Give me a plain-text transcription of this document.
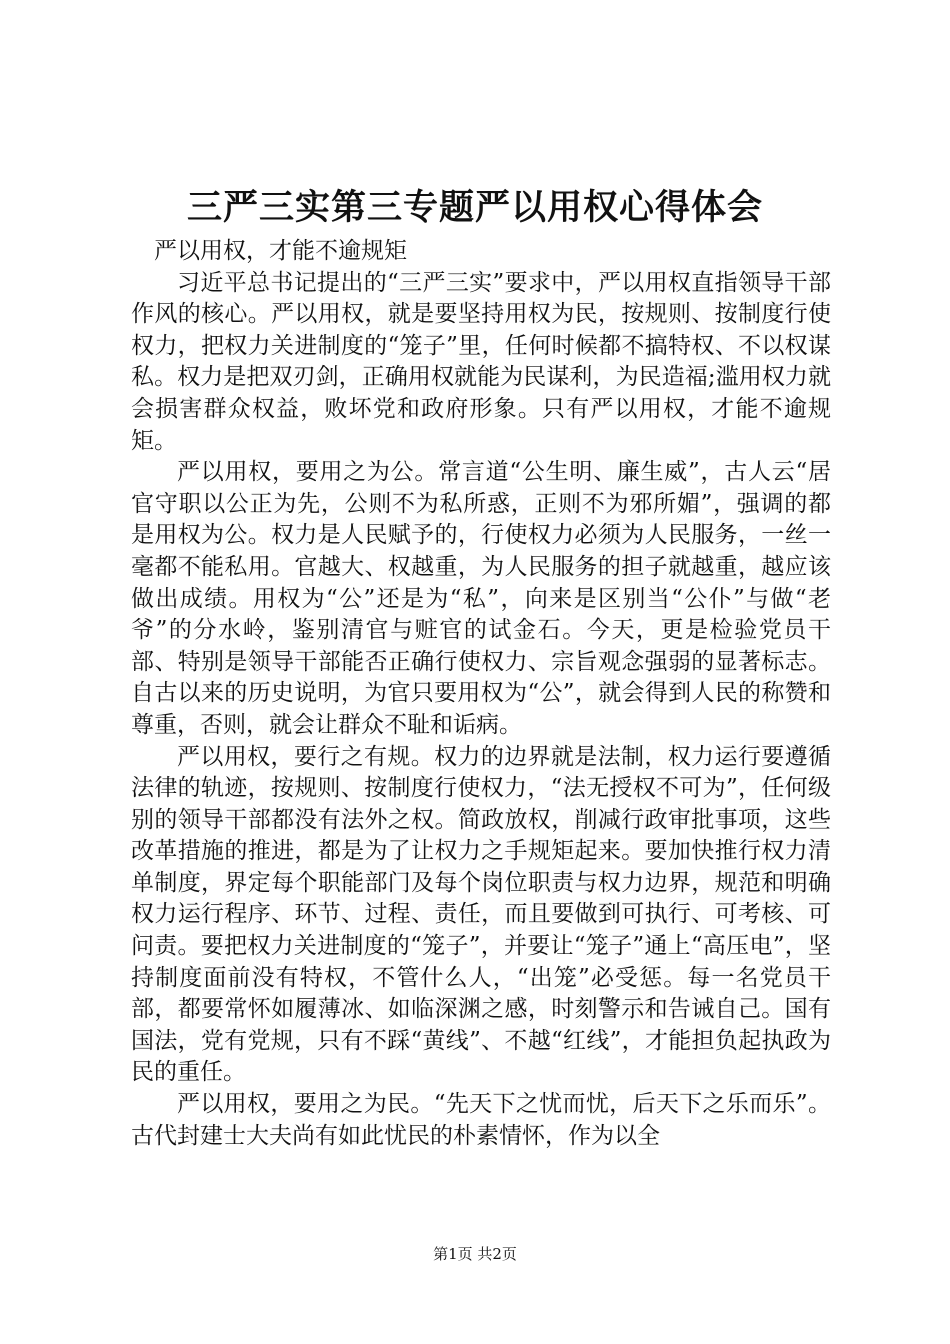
三严三实第三专题严以用权心得体会

严以用权，才能不逾规矩

习近平总书记提出的“三严三实”要求中，严以用权直指领导干部作风的核心。严以用权，就是要坚持用权为民，按规则、按制度行使权力，把权力关进制度的“笼子”里，任何时候都不搞特权、不以权谋私。权力是把双刃剑，正确用权就能为民谋利，为民造福;滥用权力就会损害群众权益，败坏党和政府形象。只有严以用权，才能不逾规矩。

严以用权，要用之为公。常言道“公生明、廉生威”，古人云“居官守职以公正为先，公则不为私所惑，正则不为邪所媚”，强调的都是用权为公。权力是人民赋予的，行使权力必须为人民服务，一丝一毫都不能私用。官越大、权越重，为人民服务的担子就越重，越应该做出成绩。用权为“公”还是为“私”，向来是区别当“公仆”与做“老爷”的分水岭，鉴别清官与赃官的试金石。今天，更是检验党员干部、特别是领导干部能否正确行使权力、宗旨观念强弱的显著标志。自古以来的历史说明，为官只要用权为“公”，就会得到人民的称赞和尊重，否则，就会让群众不耻和诟病。

严以用权，要行之有规。权力的边界就是法制，权力运行要遵循法律的轨迹，按规则、按制度行使权力，“法无授权不可为”，任何级别的领导干部都没有法外之权。简政放权，削减行政审批事项，这些改革措施的推进，都是为了让权力之手规矩起来。要加快推行权力清单制度，界定每个职能部门及每个岗位职责与权力边界，规范和明确权力运行程序、环节、过程、责任，而且要做到可执行、可考核、可问责。要把权力关进制度的“笼子”，并要让“笼子”通上“高压电”，坚持制度面前没有特权，不管什么人，“出笼”必受惩。每一名党员干部，都要常怀如履薄冰、如临深渊之感，时刻警示和告诫自己。国有国法，党有党规，只有不踩“黄线”、不越“红线”，才能担负起执政为民的重任。

严以用权，要用之为民。“先天下之忧而忧，后天下之乐而乐”。古代封建士大夫尚有如此忧民的朴素情怀，作为以全

第1页 共2页
